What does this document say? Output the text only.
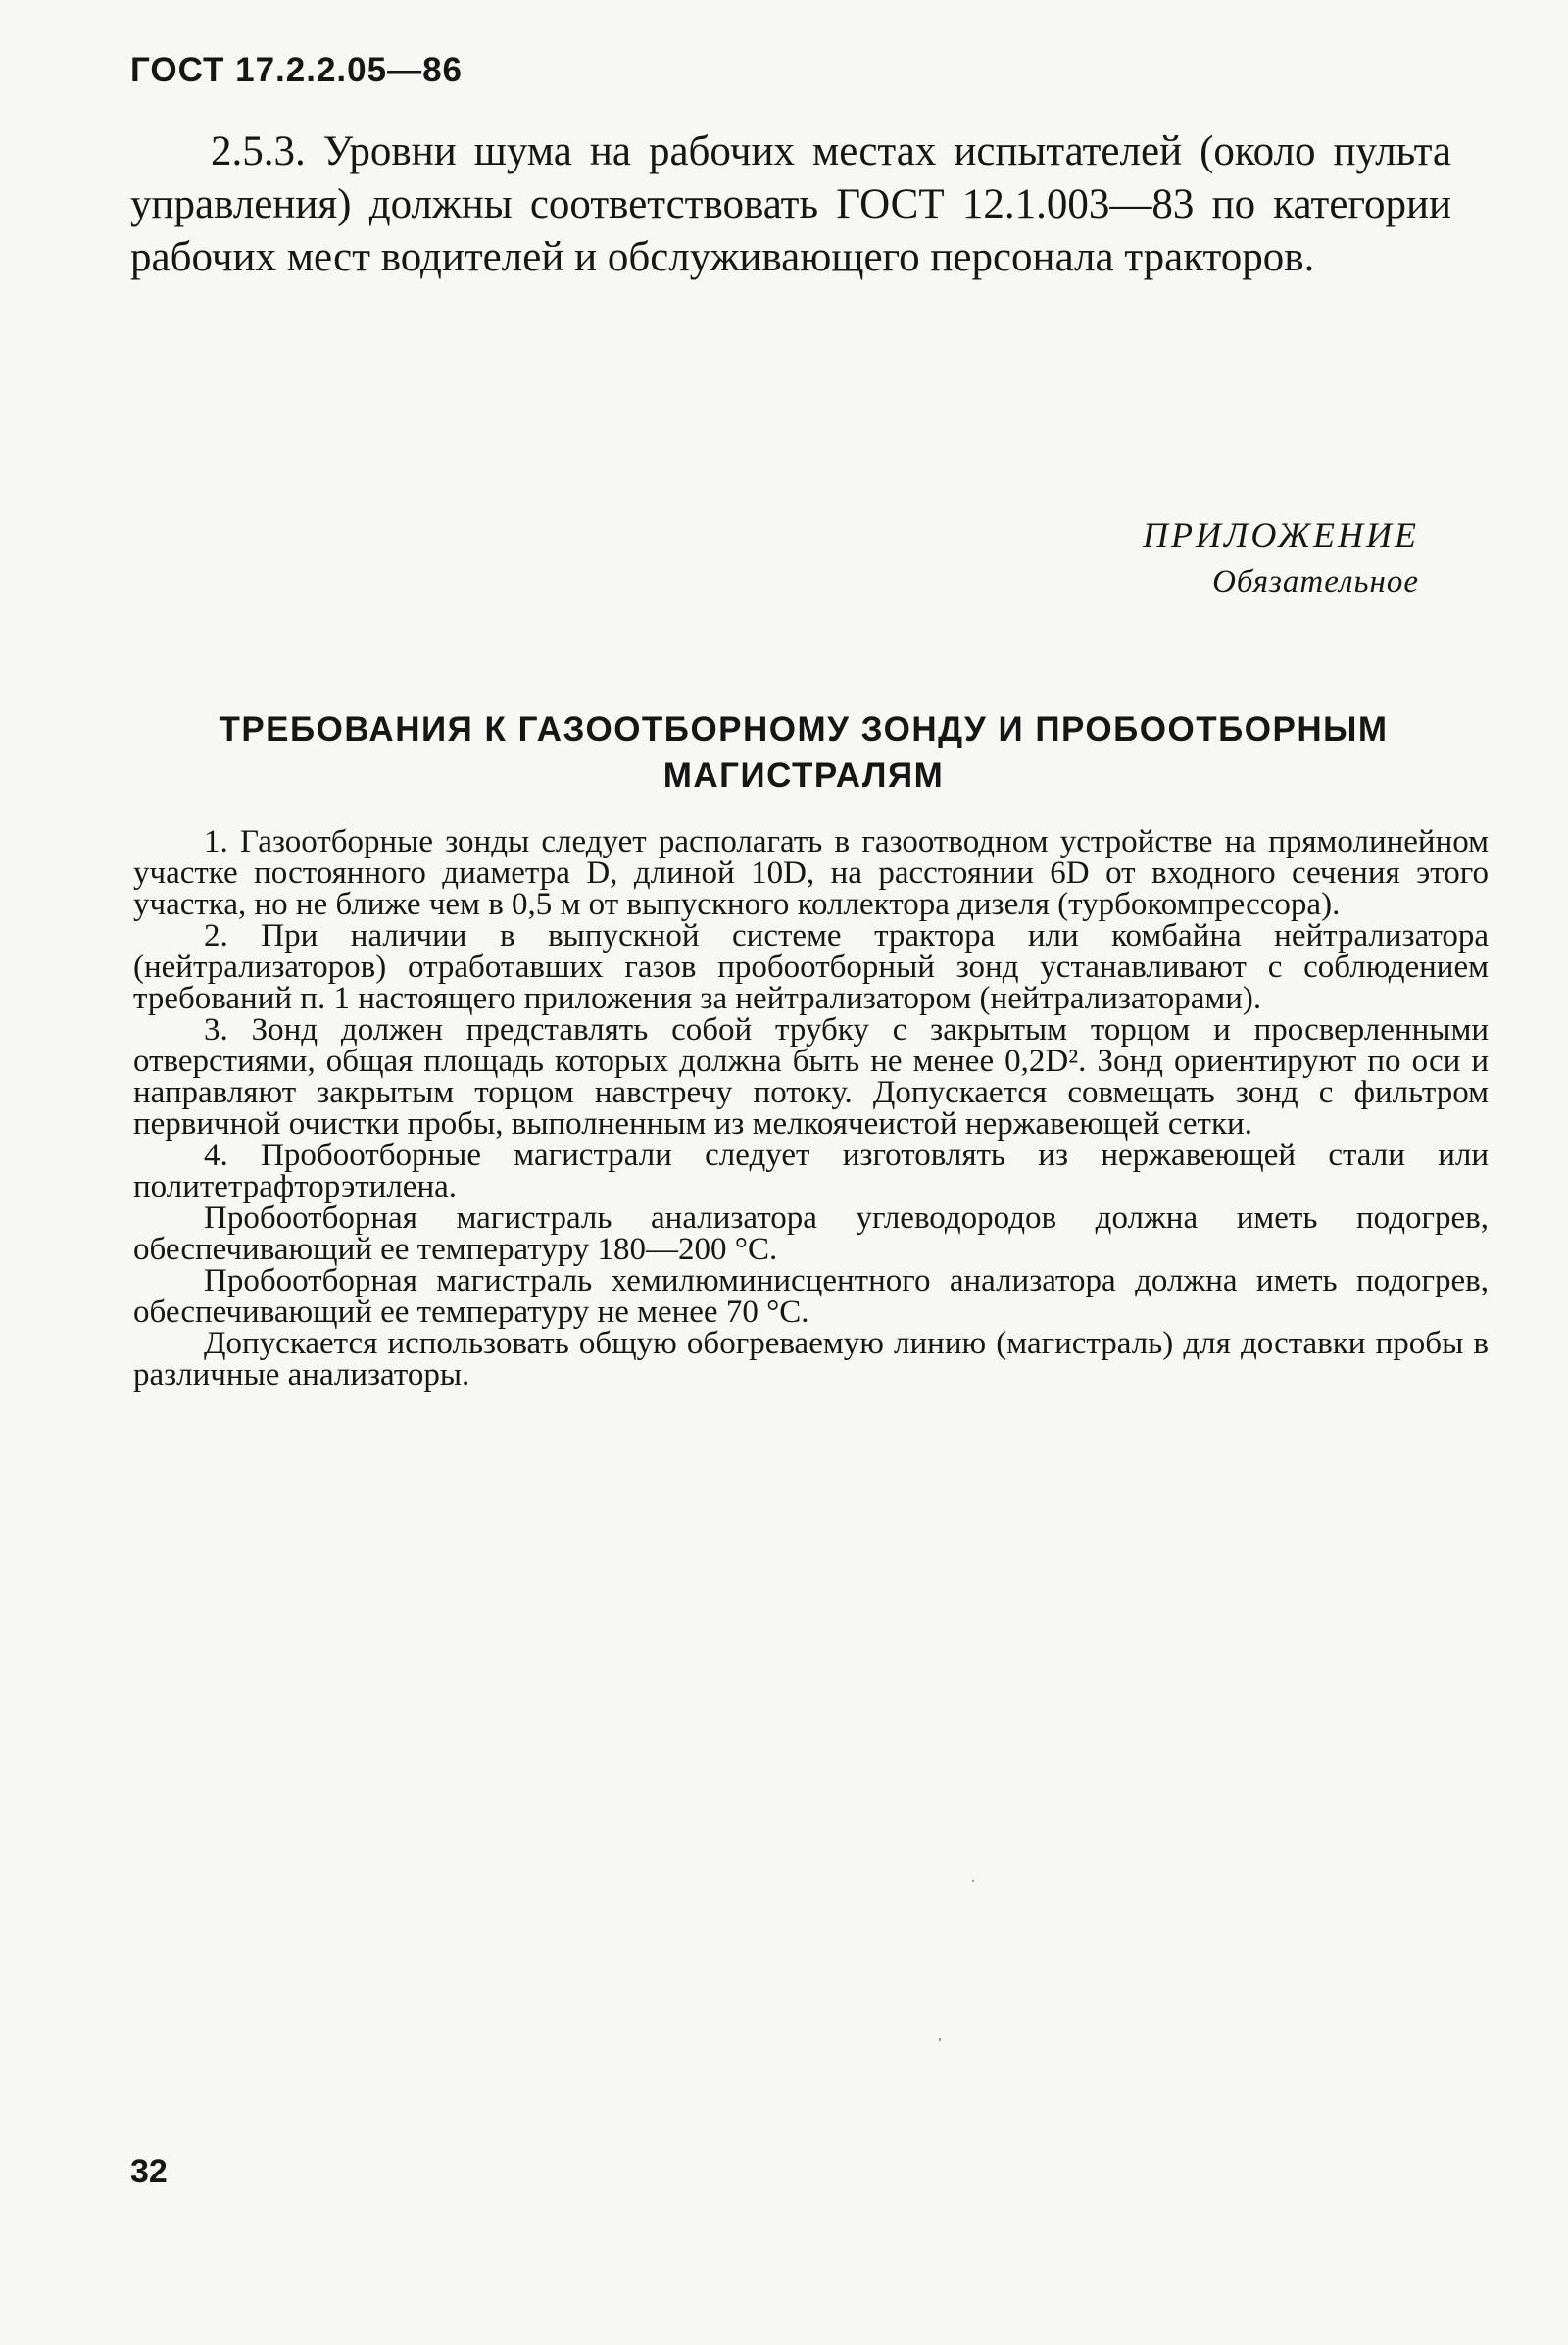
ГОСТ 17.2.2.05—86

2.5.3. Уровни шума на рабочих местах испытателей (около пульта управления) должны соответствовать ГОСТ 12.1.003—83 по категории рабочих мест водителей и обслуживающего персонала тракторов.

ПРИЛОЖЕНИЕ
Обязательное
ТРЕБОВАНИЯ К ГАЗООТБОРНОМУ ЗОНДУ И ПРОБООТБОРНЫМ МАГИСТРАЛЯМ

1. Газоотборные зонды следует располагать в газоотводном устройстве на прямолинейном участке постоянного диаметра D, длиной 10D, на расстоянии 6D от входного сечения этого участка, но не ближе чем в 0,5 м от выпускного коллектора дизеля (турбокомпрессора).

2. При наличии в выпускной системе трактора или комбайна нейтрализатора (нейтрализаторов) отработавших газов пробоотборный зонд устанавливают с соблюдением требований п. 1 настоящего приложения за нейтрализатором (нейтрализаторами).

3. Зонд должен представлять собой трубку с закрытым торцом и просверленными отверстиями, общая площадь которых должна быть не менее 0,2D². Зонд ориентируют по оси и направляют закрытым торцом навстречу потоку. Допускается совмещать зонд с фильтром первичной очистки пробы, выполненным из мелкоячеистой нержавеющей сетки.

4. Пробоотборные магистрали следует изготовлять из нержавеющей стали или политетрафторэтилена.

Пробоотборная магистраль анализатора углеводородов должна иметь подогрев, обеспечивающий ее температуру 180—200 °С.

Пробоотборная магистраль хемилюминисцентного анализатора должна иметь подогрев, обеспечивающий ее температуру не менее 70 °С.

Допускается использовать общую обогреваемую линию (магистраль) для доставки пробы в различные анализаторы.

32
